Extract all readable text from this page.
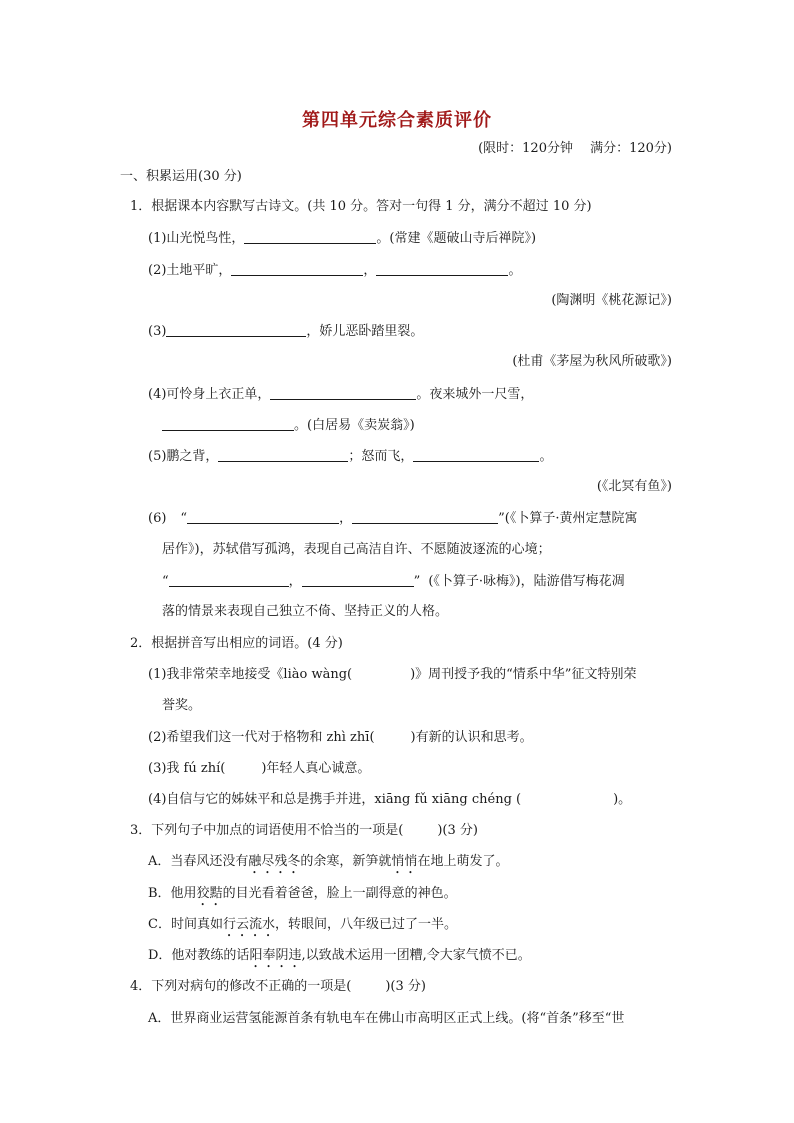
第四单元综合素质评价
(限时：120分钟　 满分：120分)
一、积累运用(30 分)
1．根据课本内容默写古诗文。(共 10 分。答对一句得 1 分，满分不超过 10 分)
(1)山光悦鸟性，	。(常建《题破山寺后禅院》)
(2)土地平旷，	，	。
(陶渊明《桃花源记》)
(3)	，娇儿恶卧踏里裂。
(杜甫《茅屋为秋风所破歌》)
(4)可怜身上衣正单，	。夜来城外一尺雪，
。(白居易《卖炭翁》)
(5)鹏之背，	；怒而飞，	。
(《北冥有鱼》)
(6) “	，	”(《卜算子·黄州定慧院寓
居作》)，苏轼借写孤鸿，表现自己高洁自许、不愿随波逐流的心境；
“	，	” (《卜算子·咏梅》)，陆游借写梅花凋
落的情景来表现自己独立不倚、坚持正义的人格。
2．根据拼音写出相应的词语。(4 分)
(1)我非常荣幸地接受《liào wàng(	)》周刊授予我的“情系中华”征文特别荣
誉奖。
(2)希望我们这一代对于格物和 zhì zhī(	)有新的认识和思考。
(3)我 fú zhí(	)年轻人真心诚意。
(4)自信与它的姊妹平和总是携手并进，xiāng fǔ xiāng chéng (	)。
3．下列句子中加点的词语使用不恰当的一项是(	)(3 分)
A．当春风还没有融尽残冬的余寒，新笋就悄悄在地上萌发了。
B．他用狡黠的目光看着爸爸，脸上一副得意的神色。
C．时间真如行云流水，转眼间，八年级已过了一半。
D．他对教练的话阳奉阴违,以致战术运用一团糟,令大家气愤不已。
4．下列对病句的修改不正确的一项是(	)(3 分)
A．世界商业运营氢能源首条有轨电车在佛山市高明区正式上线。(将“首条”移至“世
